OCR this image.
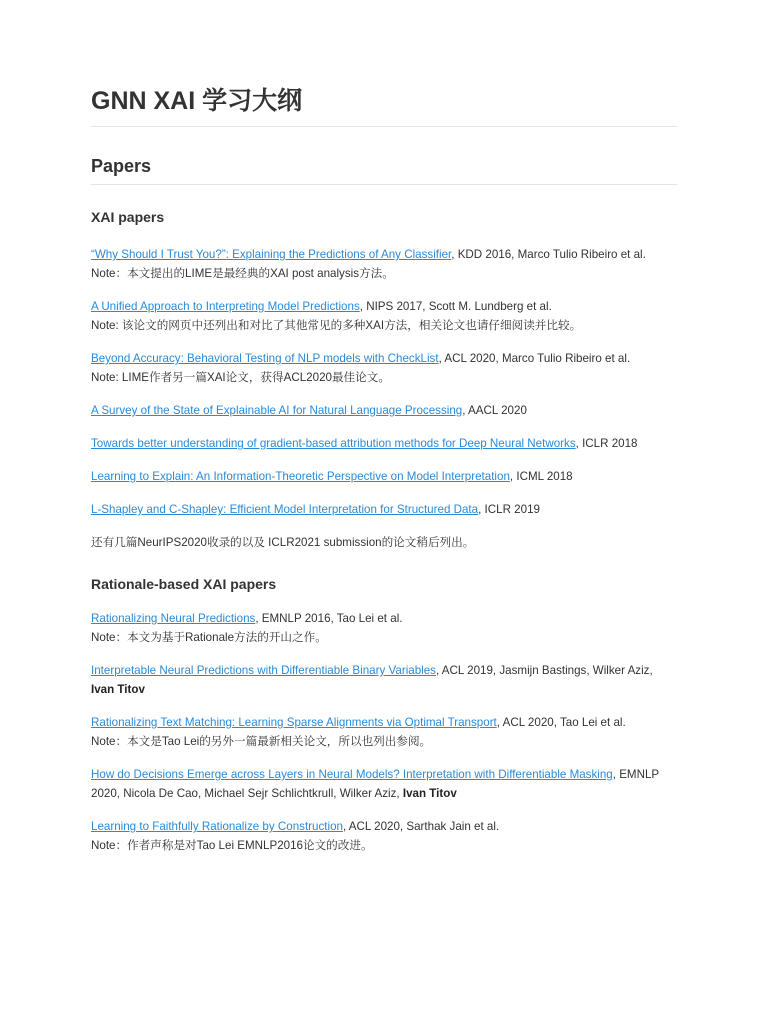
GNN XAI 学习大纲
Papers
XAI papers

“Why Should I Trust You?”: Explaining the Predictions of Any Classifier, KDD 2016, Marco Tulio Ribeiro et al.
Note：本文提出的LIME是最经典的XAI post analysis方法。

A Unified Approach to Interpreting Model Predictions, NIPS 2017, Scott M. Lundberg et al.
Note: 该论文的网页中还列出和对比了其他常见的多种XAI方法，相关论文也请仔细阅读并比较。

Beyond Accuracy: Behavioral Testing of NLP models with CheckList, ACL 2020, Marco Tulio Ribeiro et al.
Note: LIME作者另一篇XAI论文，获得ACL2020最佳论文。

A Survey of the State of Explainable AI for Natural Language Processing, AACL 2020

Towards better understanding of gradient-based attribution methods for Deep Neural Networks, ICLR 2018

Learning to Explain: An Information-Theoretic Perspective on Model Interpretation, ICML 2018

L-Shapley and C-Shapley: Efficient Model Interpretation for Structured Data, ICLR 2019

还有几篇NeurIPS2020收录的以及 ICLR2021 submission的论文稍后列出。

Rationale-based XAI papers

Rationalizing Neural Predictions, EMNLP 2016, Tao Lei et al.
Note：本文为基于Rationale方法的开山之作。

Interpretable Neural Predictions with Differentiable Binary Variables, ACL 2019, Jasmijn Bastings, Wilker Aziz, Ivan Titov

Rationalizing Text Matching: Learning Sparse Alignments via Optimal Transport, ACL 2020, Tao Lei et al.
Note：本文是Tao Lei的另外一篇最新相关论文，所以也列出参阅。

How do Decisions Emerge across Layers in Neural Models? Interpretation with Differentiable Masking, EMNLP 2020, Nicola De Cao, Michael Sejr Schlichtkrull, Wilker Aziz, Ivan Titov

Learning to Faithfully Rationalize by Construction, ACL 2020, Sarthak Jain et al.
Note：作者声称是对Tao Lei EMNLP2016论文的改进。
